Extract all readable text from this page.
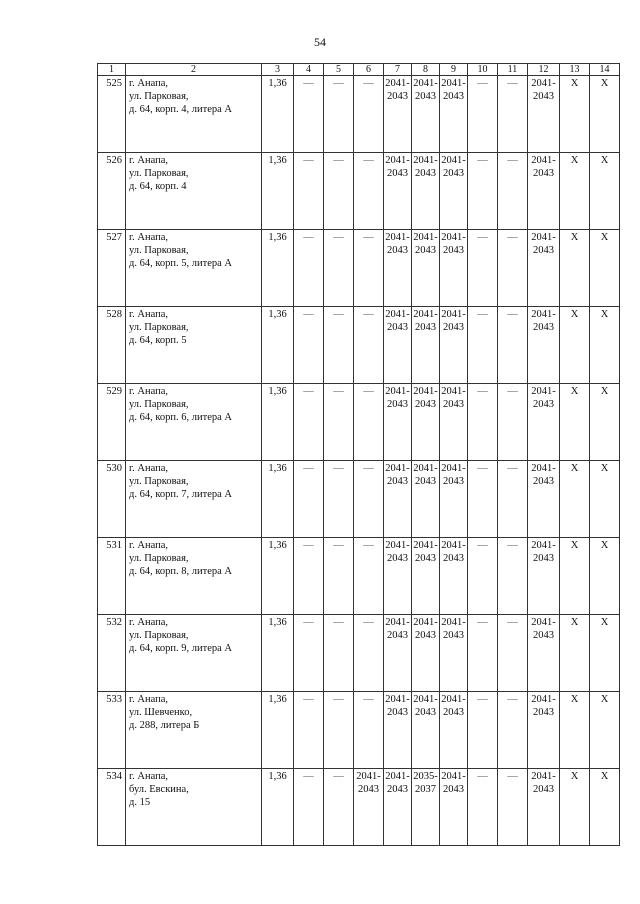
54
1	2	3	4	5	6	7	8	9	10	11	12	13	14
525	г. Анапа,
ул. Парковая,
д. 64, корп. 4, литера А	1,36	—	—	—	2041-
2043	2041-
2043	2041-
2043	—	—	2041-
2043	Х	Х
526	г. Анапа,
ул. Парковая,
д. 64, корп. 4	1,36	—	—	—	2041-
2043	2041-
2043	2041-
2043	—	—	2041-
2043	Х	Х
527	г. Анапа,
ул. Парковая,
д. 64, корп. 5, литера А	1,36	—	—	—	2041-
2043	2041-
2043	2041-
2043	—	—	2041-
2043	Х	Х
528	г. Анапа,
ул. Парковая,
д. 64, корп. 5	1,36	—	—	—	2041-
2043	2041-
2043	2041-
2043	—	—	2041-
2043	Х	Х
529	г. Анапа,
ул. Парковая,
д. 64, корп. 6, литера А	1,36	—	—	—	2041-
2043	2041-
2043	2041-
2043	—	—	2041-
2043	Х	Х
530	г. Анапа,
ул. Парковая,
д. 64, корп. 7, литера А	1,36	—	—	—	2041-
2043	2041-
2043	2041-
2043	—	—	2041-
2043	Х	Х
531	г. Анапа,
ул. Парковая,
д. 64, корп. 8, литера А	1,36	—	—	—	2041-
2043	2041-
2043	2041-
2043	—	—	2041-
2043	Х	Х
532	г. Анапа,
ул. Парковая,
д. 64, корп. 9, литера А	1,36	—	—	—	2041-
2043	2041-
2043	2041-
2043	—	—	2041-
2043	Х	Х
533	г. Анапа,
ул. Шевченко,
д. 288, литера Б	1,36	—	—	—	2041-
2043	2041-
2043	2041-
2043	—	—	2041-
2043	Х	Х
534	г. Анапа,
бул. Евскина,
д. 15	1,36	—	—	2041-
2043	2041-
2043	2035-
2037	2041-
2043	—	—	2041-
2043	Х	Х
